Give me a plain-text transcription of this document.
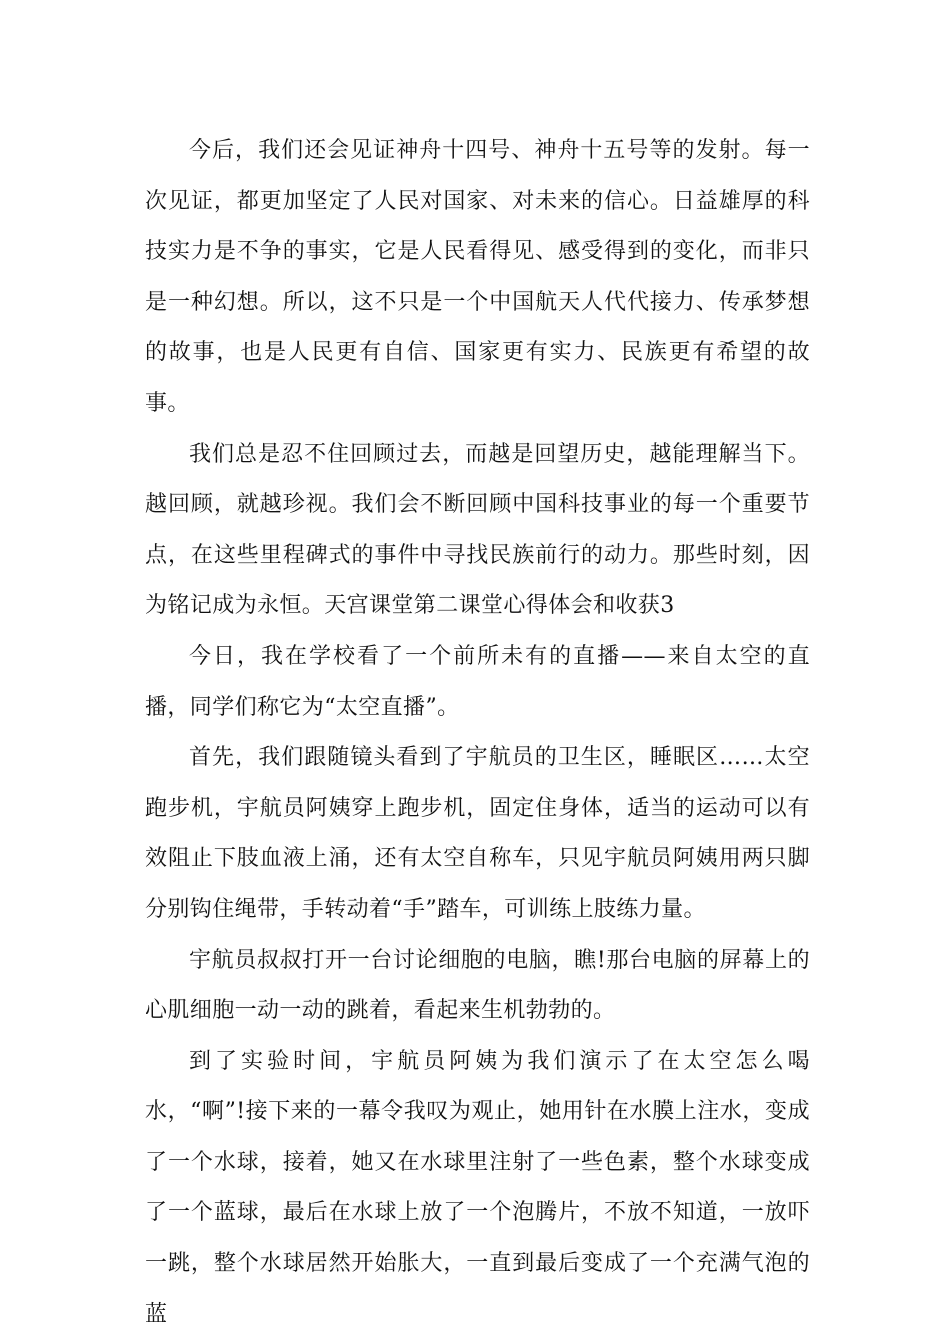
今后，我们还会见证神舟十四号、神舟十五号等的发射。每一次见证，都更加坚定了人民对国家、对未来的信心。日益雄厚的科技实力是不争的事实，它是人民看得见、感受得到的变化，而非只是一种幻想。所以，这不只是一个中国航天人代代接力、传承梦想的故事，也是人民更有自信、国家更有实力、民族更有希望的故事。

我们总是忍不住回顾过去，而越是回望历史，越能理解当下。越回顾，就越珍视。我们会不断回顾中国科技事业的每一个重要节点，在这些里程碑式的事件中寻找民族前行的动力。那些时刻，因为铭记成为永恒。天宫课堂第二课堂心得体会和收获3

今日，我在学校看了一个前所未有的直播——来自太空的直播，同学们称它为“太空直播”。

首先，我们跟随镜头看到了宇航员的卫生区，睡眠区……太空跑步机，宇航员阿姨穿上跑步机，固定住身体，适当的运动可以有效阻止下肢血液上涌，还有太空自称车，只见宇航员阿姨用两只脚分别钩住绳带，手转动着“手”踏车，可训练上肢练力量。

宇航员叔叔打开一台讨论细胞的电脑，瞧!那台电脑的屏幕上的心肌细胞一动一动的跳着，看起来生机勃勃的。

到了实验时间，宇航员阿姨为我们演示了在太空怎么喝水，“啊”!接下来的一幕令我叹为观止，她用针在水膜上注水，变成了一个水球，接着，她又在水球里注射了一些色素，整个水球变成了一个蓝球，最后在水球上放了一个泡腾片，不放不知道，一放吓一跳，整个水球居然开始胀大，一直到最后变成了一个充满气泡的蓝
